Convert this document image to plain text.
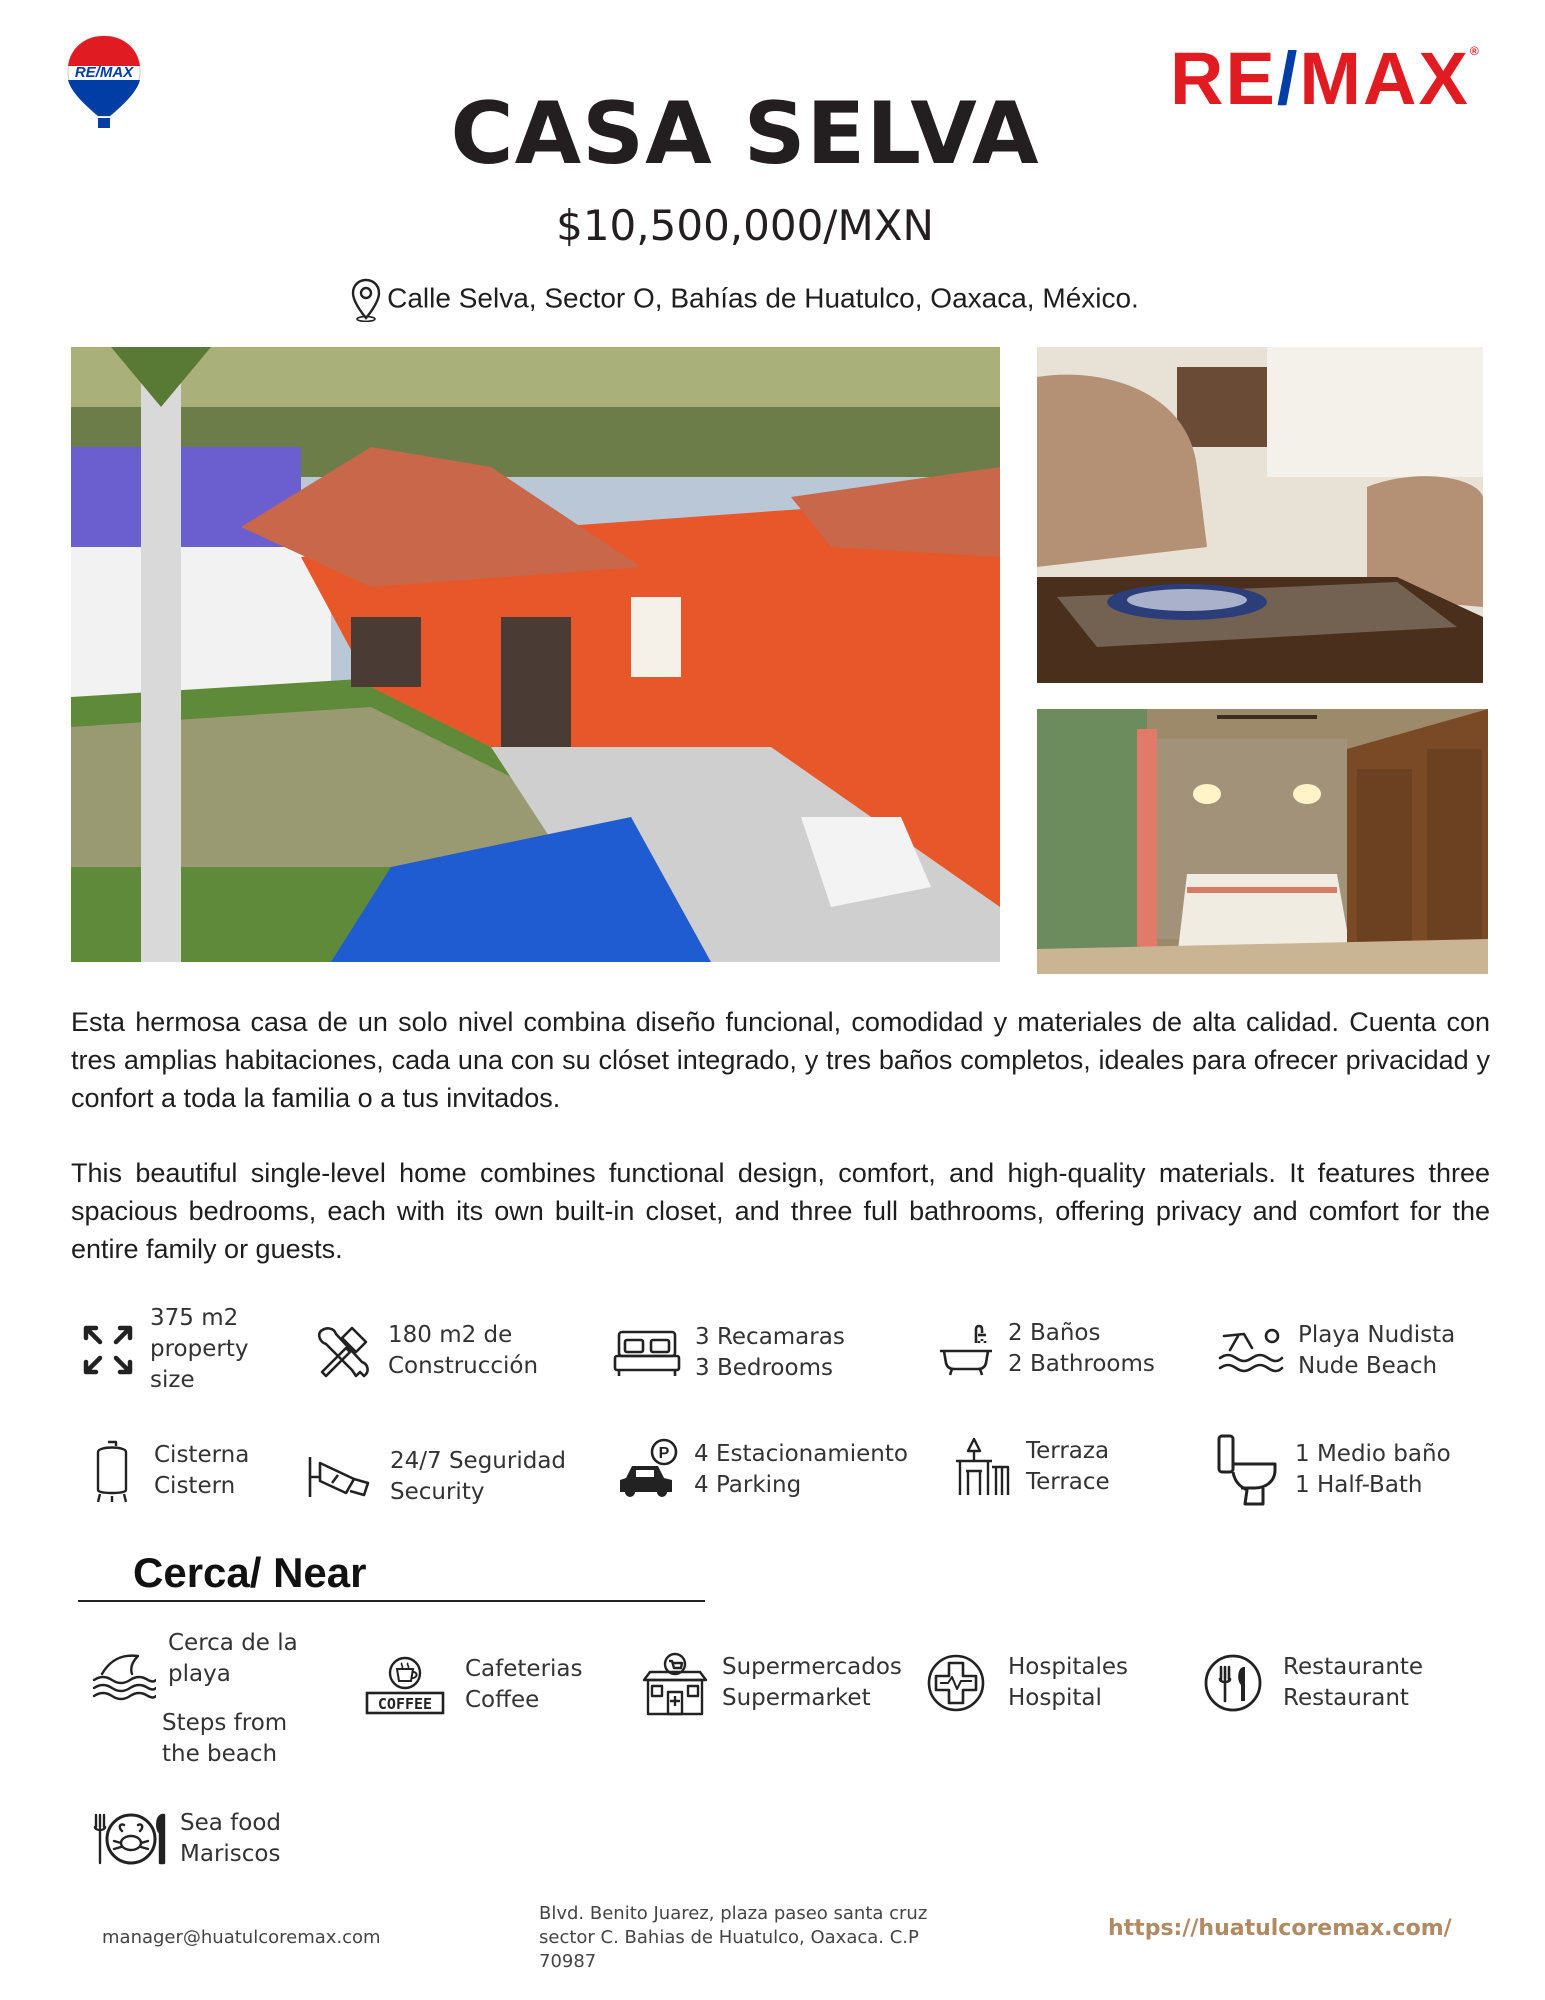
RE/MAX	RE/MAX®
CASA SELVA
$10,500,000/MXN
Calle Selva, Sector O, Bahías de Huatulco, Oaxaca, México.

Esta hermosa casa de un solo nivel combina diseño funcional, comodidad y materiales de alta calidad. Cuenta con tres amplias habitaciones, cada una con su clóset integrado, y tres baños completos, ideales para ofrecer privacidad y confort a toda la familia o a tus invitados.

This beautiful single-level home combines functional design, comfort, and high-quality materials. It features three spacious bedrooms, each with its own built-in closet, and three full bathrooms, offering privacy and comfort for the entire family or guests.

375 m2
property
size
180 m2 de
Construcción
3 Recamaras
3 Bedrooms
2 Baños
2 Bathrooms
Playa Nudista
Nude Beach
Cisterna
Cistern
24/7 Seguridad
Security
P 4 Estacionamiento
4 Parking
Terraza
Terrace
1 Medio baño
1 Half-Bath
Cerca/ Near
Cerca de la
playa
Steps from
the beach
COFFEE
Cafeterias
Coffee
Supermercados
Supermarket
Hospitales
Hospital
Restaurante
Restaurant
Sea food
Mariscos
manager@huatulcoremax.com
Blvd. Benito Juarez, plaza paseo santa cruz
sector C. Bahias de Huatulco, Oaxaca. C.P
70987
https://huatulcoremax.com/
